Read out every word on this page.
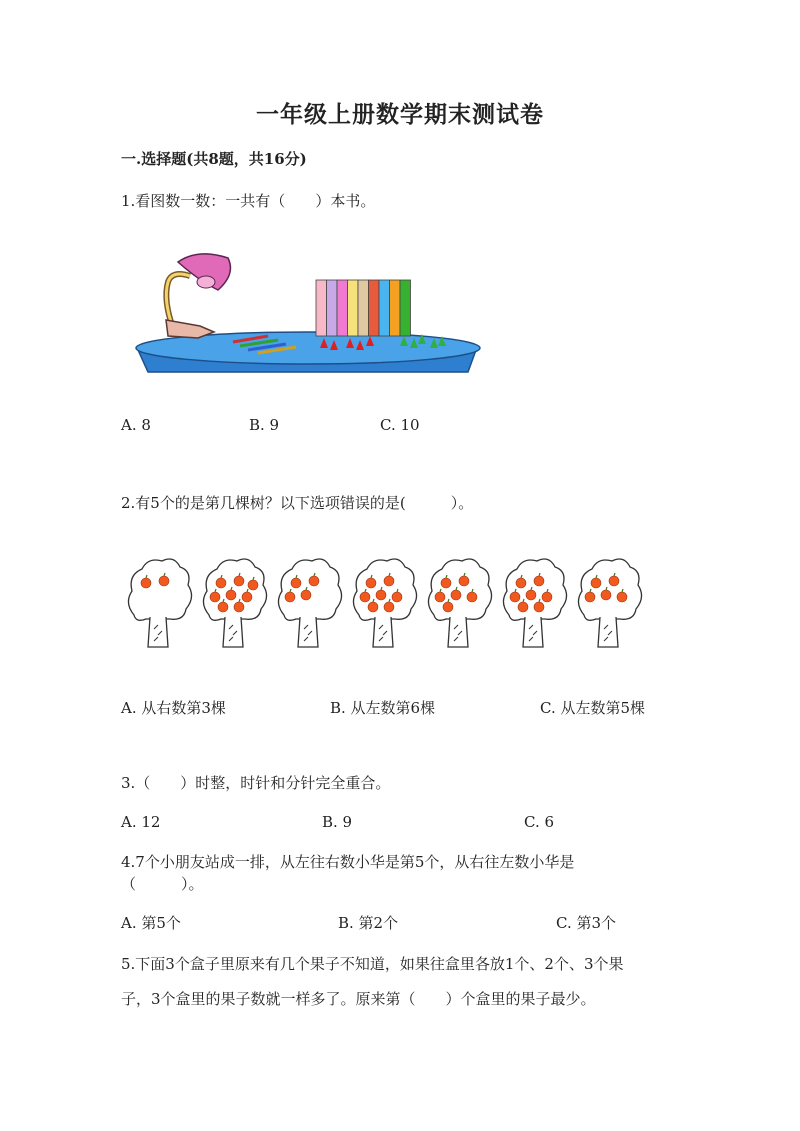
一年级上册数学期末测试卷
一.选择题(共8题，共16分)
1.看图数一数：一共有（　　）本书。
A. 8	B. 9	C. 10
2.有5个的是第几棵树？以下选项错误的是(　　　）。
A. 从右数第3棵	B. 从左数第6棵	C. 从左数第5棵
3.（　　）时整，时针和分针完全重合。
A. 12	B. 9	C. 6
4.7个小朋友站成一排，从左往右数小华是第5个，从右往左数小华是
（　　　）。
A. 第5个	B. 第2个	C. 第3个
5.下面3个盒子里原来有几个果子不知道，如果往盒里各放1个、2个、3个果
子，3个盒里的果子数就一样多了。原来第（　　）个盒里的果子最少。
